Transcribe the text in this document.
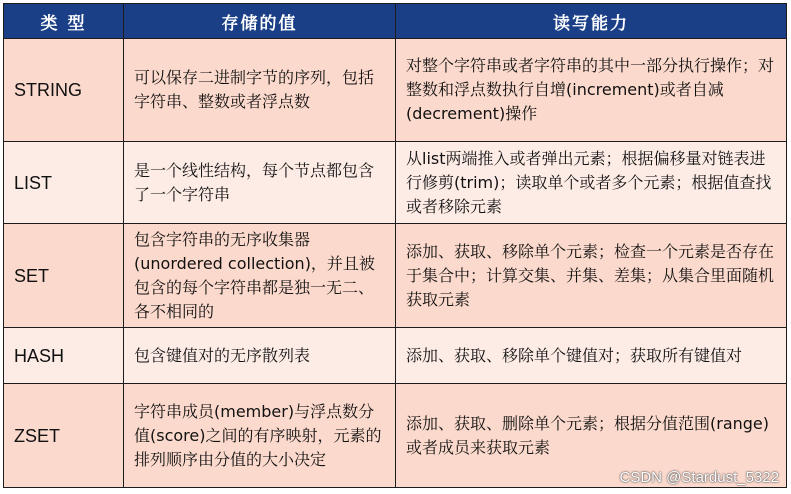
类 型	存储的值	读写能力
STRING	可以保存二进制字节的序列，包括字符串、整数或者浮点数	对整个字符串或者字符串的其中一部分执行操作；对整数和浮点数执行自增(increment)或者自减(decrement)操作
LIST	是一个线性结构，每个节点都包含了一个字符串	从list两端推入或者弹出元素；根据偏移量对链表进行修剪(trim)；读取单个或者多个元素；根据值查找或者移除元素
SET	包含字符串的无序收集器(unordered collection)，并且被包含的每个字符串都是独一无二、各不相同的	添加、获取、移除单个元素；检查一个元素是否存在于集合中；计算交集、并集、差集；从集合里面随机获取元素
HASH	包含键值对的无序散列表	添加、获取、移除单个键值对；获取所有键值对
ZSET	字符串成员(member)与浮点数分值(score)之间的有序映射，元素的排列顺序由分值的大小决定	添加、获取、删除单个元素；根据分值范围(range)或者成员来获取元素
CSDN @Stardust_5322
